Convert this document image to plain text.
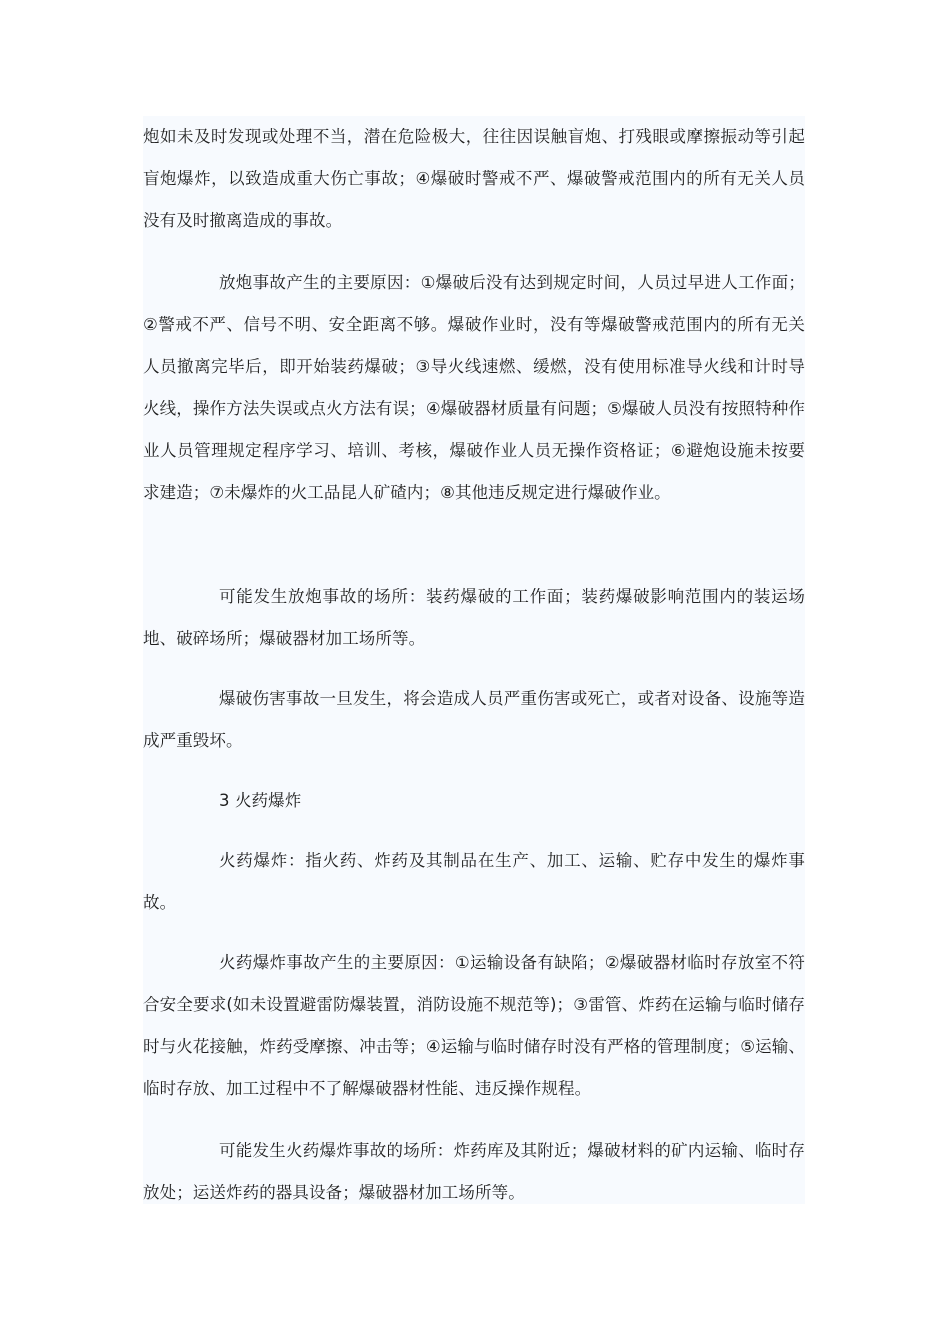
炮如未及时发现或处理不当，潜在危险极大，往往因误触盲炮、打残眼或摩擦振动等引起盲炮爆炸，以致造成重大伤亡事故；④爆破时警戒不严、爆破警戒范围内的所有无关人员没有及时撤离造成的事故。

放炮事故产生的主要原因：①爆破后没有达到规定时间，人员过早进人工作面；②警戒不严、信号不明、安全距离不够。爆破作业时，没有等爆破警戒范围内的所有无关人员撤离完毕后，即开始装药爆破；③导火线速燃、缓燃，没有使用标准导火线和计时导火线，操作方法失误或点火方法有误；④爆破器材质量有问题；⑤爆破人员没有按照特种作业人员管理规定程序学习、培训、考核，爆破作业人员无操作资格证；⑥避炮设施未按要求建造；⑦未爆炸的火工品昆人矿碴内；⑧其他违反规定进行爆破作业。

可能发生放炮事故的场所：装药爆破的工作面；装药爆破影响范围内的装运场地、破碎场所；爆破器材加工场所等。

爆破伤害事故一旦发生，将会造成人员严重伤害或死亡，或者对设备、设施等造成严重毁坏。

3 火药爆炸

火药爆炸：指火药、炸药及其制品在生产、加工、运输、贮存中发生的爆炸事故。

火药爆炸事故产生的主要原因：①运输设备有缺陷；②爆破器材临时存放室不符合安全要求(如未设置避雷防爆装置，消防设施不规范等)；③雷管、炸药在运输与临时储存时与火花接触，炸药受摩擦、冲击等；④运输与临时储存时没有严格的管理制度；⑤运输、临时存放、加工过程中不了解爆破器材性能、违反操作规程。

可能发生火药爆炸事故的场所：炸药库及其附近；爆破材料的矿内运输、临时存放处；运送炸药的器具设备；爆破器材加工场所等。
